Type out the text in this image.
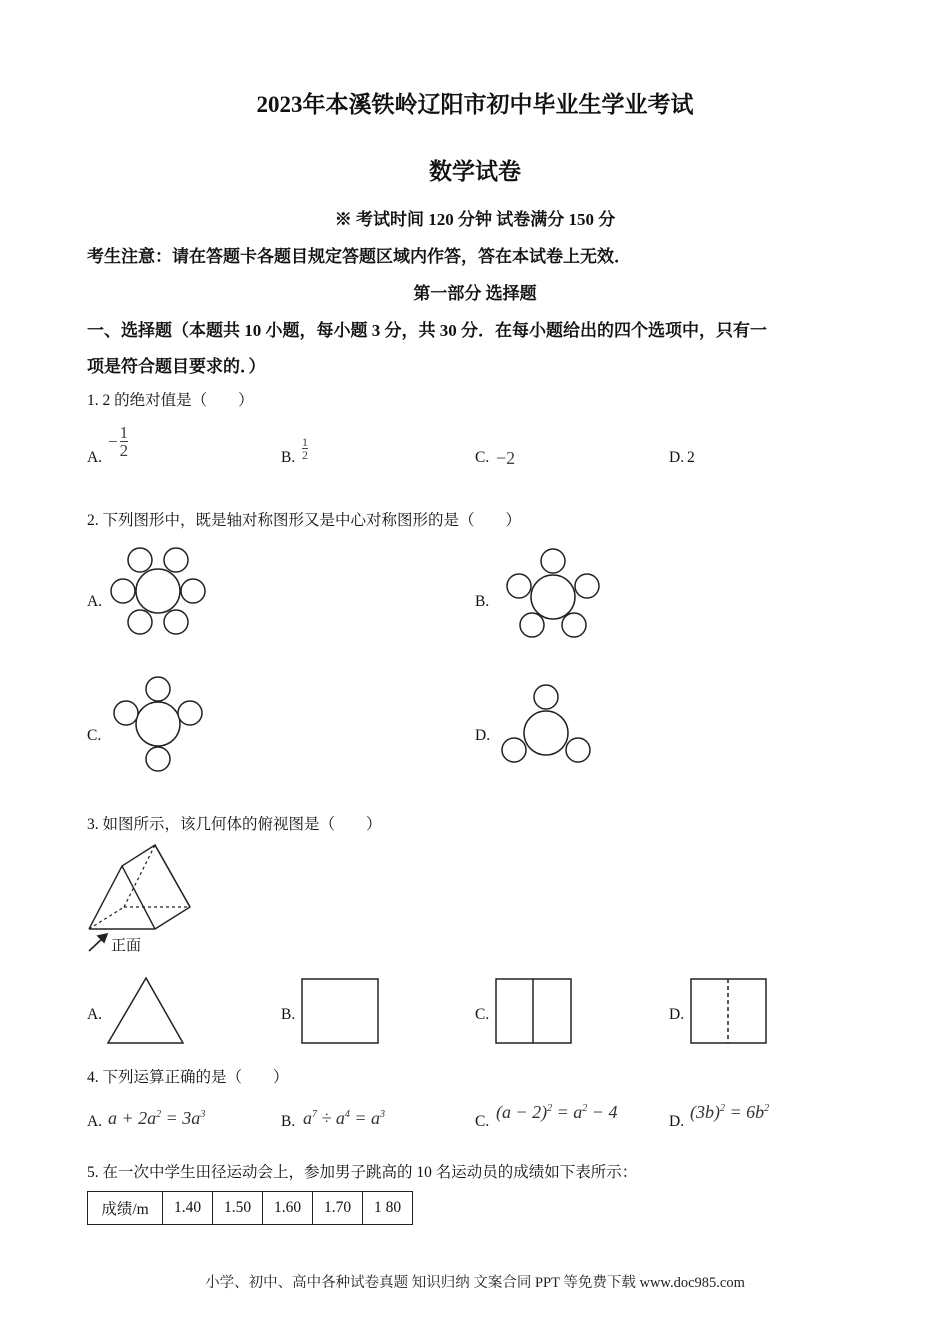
2023年本溪铁岭辽阳市初中毕业生学业考试
数学试卷
※ 考试时间 120 分钟 试卷满分 150 分
考生注意：请在答题卡各题目规定答题区域内作答，答在本试卷上无效．
第一部分 选择题
一、选择题（本题共 10 小题，每小题 3 分，共 30 分．在每小题给出的四个选项中，只有一
项是符合题目要求的．）
1. 2 的绝对值是（　　）
A.
− $\frac{1}{2}$	B. $\frac{1}{2}$	C. −2	D. 2
2. 下列图形中，既是轴对称图形又是中心对称图形的是（　　）
A.	B.
C.	D.
3. 如图所示，该几何体的俯视图是（　　）
正面
A.	B.	C.	D.
4. 下列运算正确的是（　　）
A. $a + 2a^2 = 3a^3$	B. $a^7 \div a^4 = a^3$	C. $(a - 2)^2 = a^2 - 4$	D. $(3b)^2 = 6b^2$
5. 在一次中学生田径运动会上，参加男子跳高的 10 名运动员的成绩如下表所示：
成绩/m	1.40	1.50	1.60	1.70	1 80
小学、初中、高中各种试卷真题 知识归纳 文案合同 PPT 等免费下载 www.doc985.com
